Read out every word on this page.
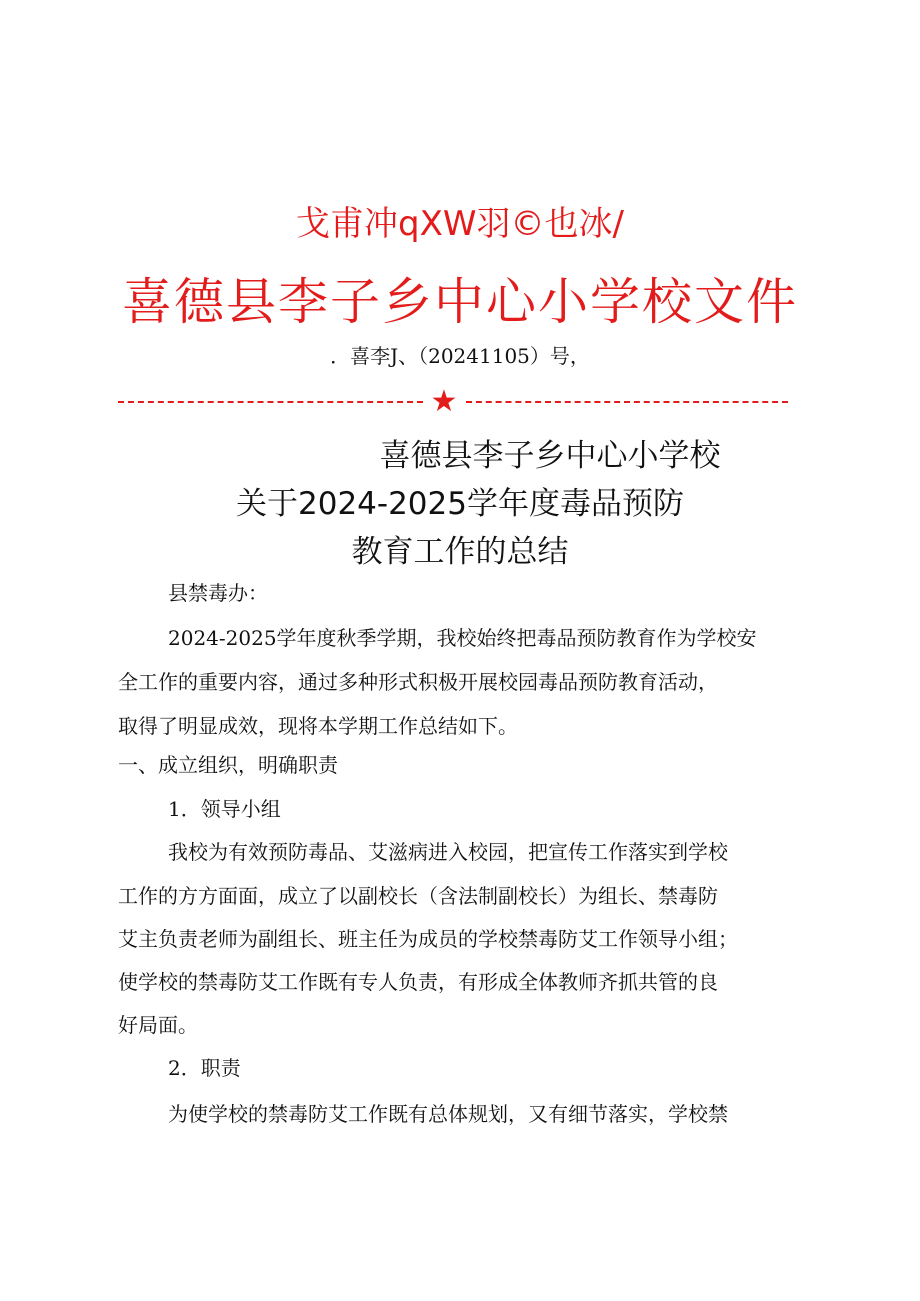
戈甫冲qXW羽©也冰/
喜德县李子乡中心小学校文件
．喜李J、（20241105）号，
★
喜德县李子乡中心小学校
关于2024-2025学年度毒品预防
教育工作的总结
县禁毒办：
2024-2025学年度秋季学期，我校始终把毒品预防教育作为学校安
全工作的重要内容，通过多种形式积极开展校园毒品预防教育活动，
取得了明显成效，现将本学期工作总结如下。
一、成立组织，明确职责
1．领导小组
我校为有效预防毒品、艾滋病进入校园，把宣传工作落实到学校
工作的方方面面，成立了以副校长（含法制副校长）为组长、禁毒防
艾主负责老师为副组长、班主任为成员的学校禁毒防艾工作领导小组；
使学校的禁毒防艾工作既有专人负责，有形成全体教师齐抓共管的良
好局面。
2．职责
为使学校的禁毒防艾工作既有总体规划，又有细节落实，学校禁
